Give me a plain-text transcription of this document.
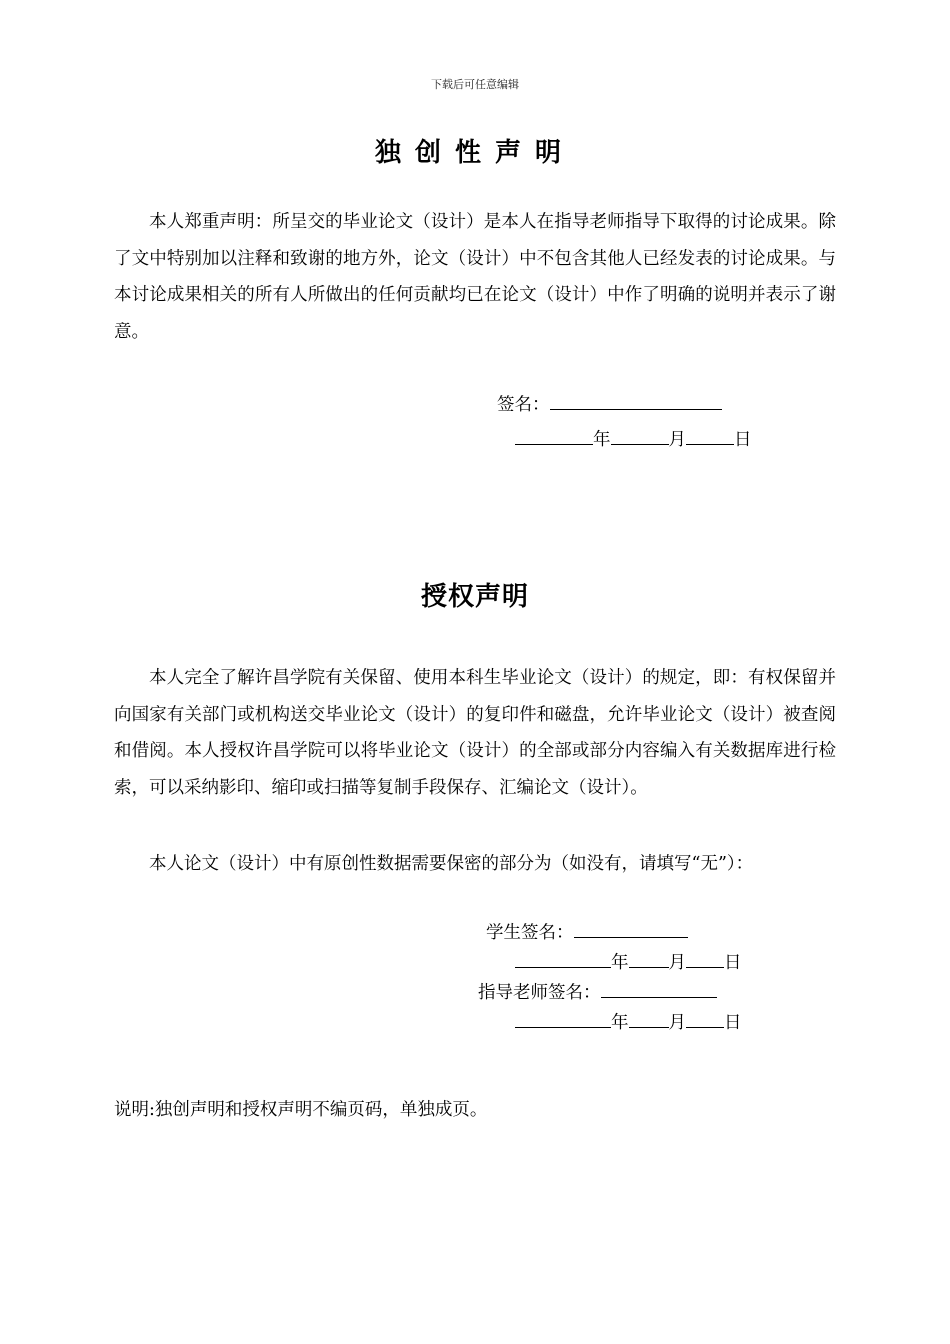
下载后可任意编辑
独创性声明

本人郑重声明：所呈交的毕业论文（设计）是本人在指导老师指导下取得的讨论成果。除了文中特别加以注释和致谢的地方外，论文（设计）中不包含其他人已经发表的讨论成果。与本讨论成果相关的所有人所做出的任何贡献均已在论文（设计）中作了明确的说明并表示了谢意。

签名：
年	月	日
授权声明

本人完全了解许昌学院有关保留、使用本科生毕业论文（设计）的规定，即：有权保留并向国家有关部门或机构送交毕业论文（设计）的复印件和磁盘，允许毕业论文（设计）被查阅和借阅。本人授权许昌学院可以将毕业论文（设计）的全部或部分内容编入有关数据库进行检索，可以采纳影印、缩印或扫描等复制手段保存、汇编论文（设计）。

本人论文（设计）中有原创性数据需要保密的部分为（如没有，请填写“无”）：

学生签名：
年 月 日
指导老师签名：
年 月 日
说明:独创声明和授权声明不编页码，单独成页。
